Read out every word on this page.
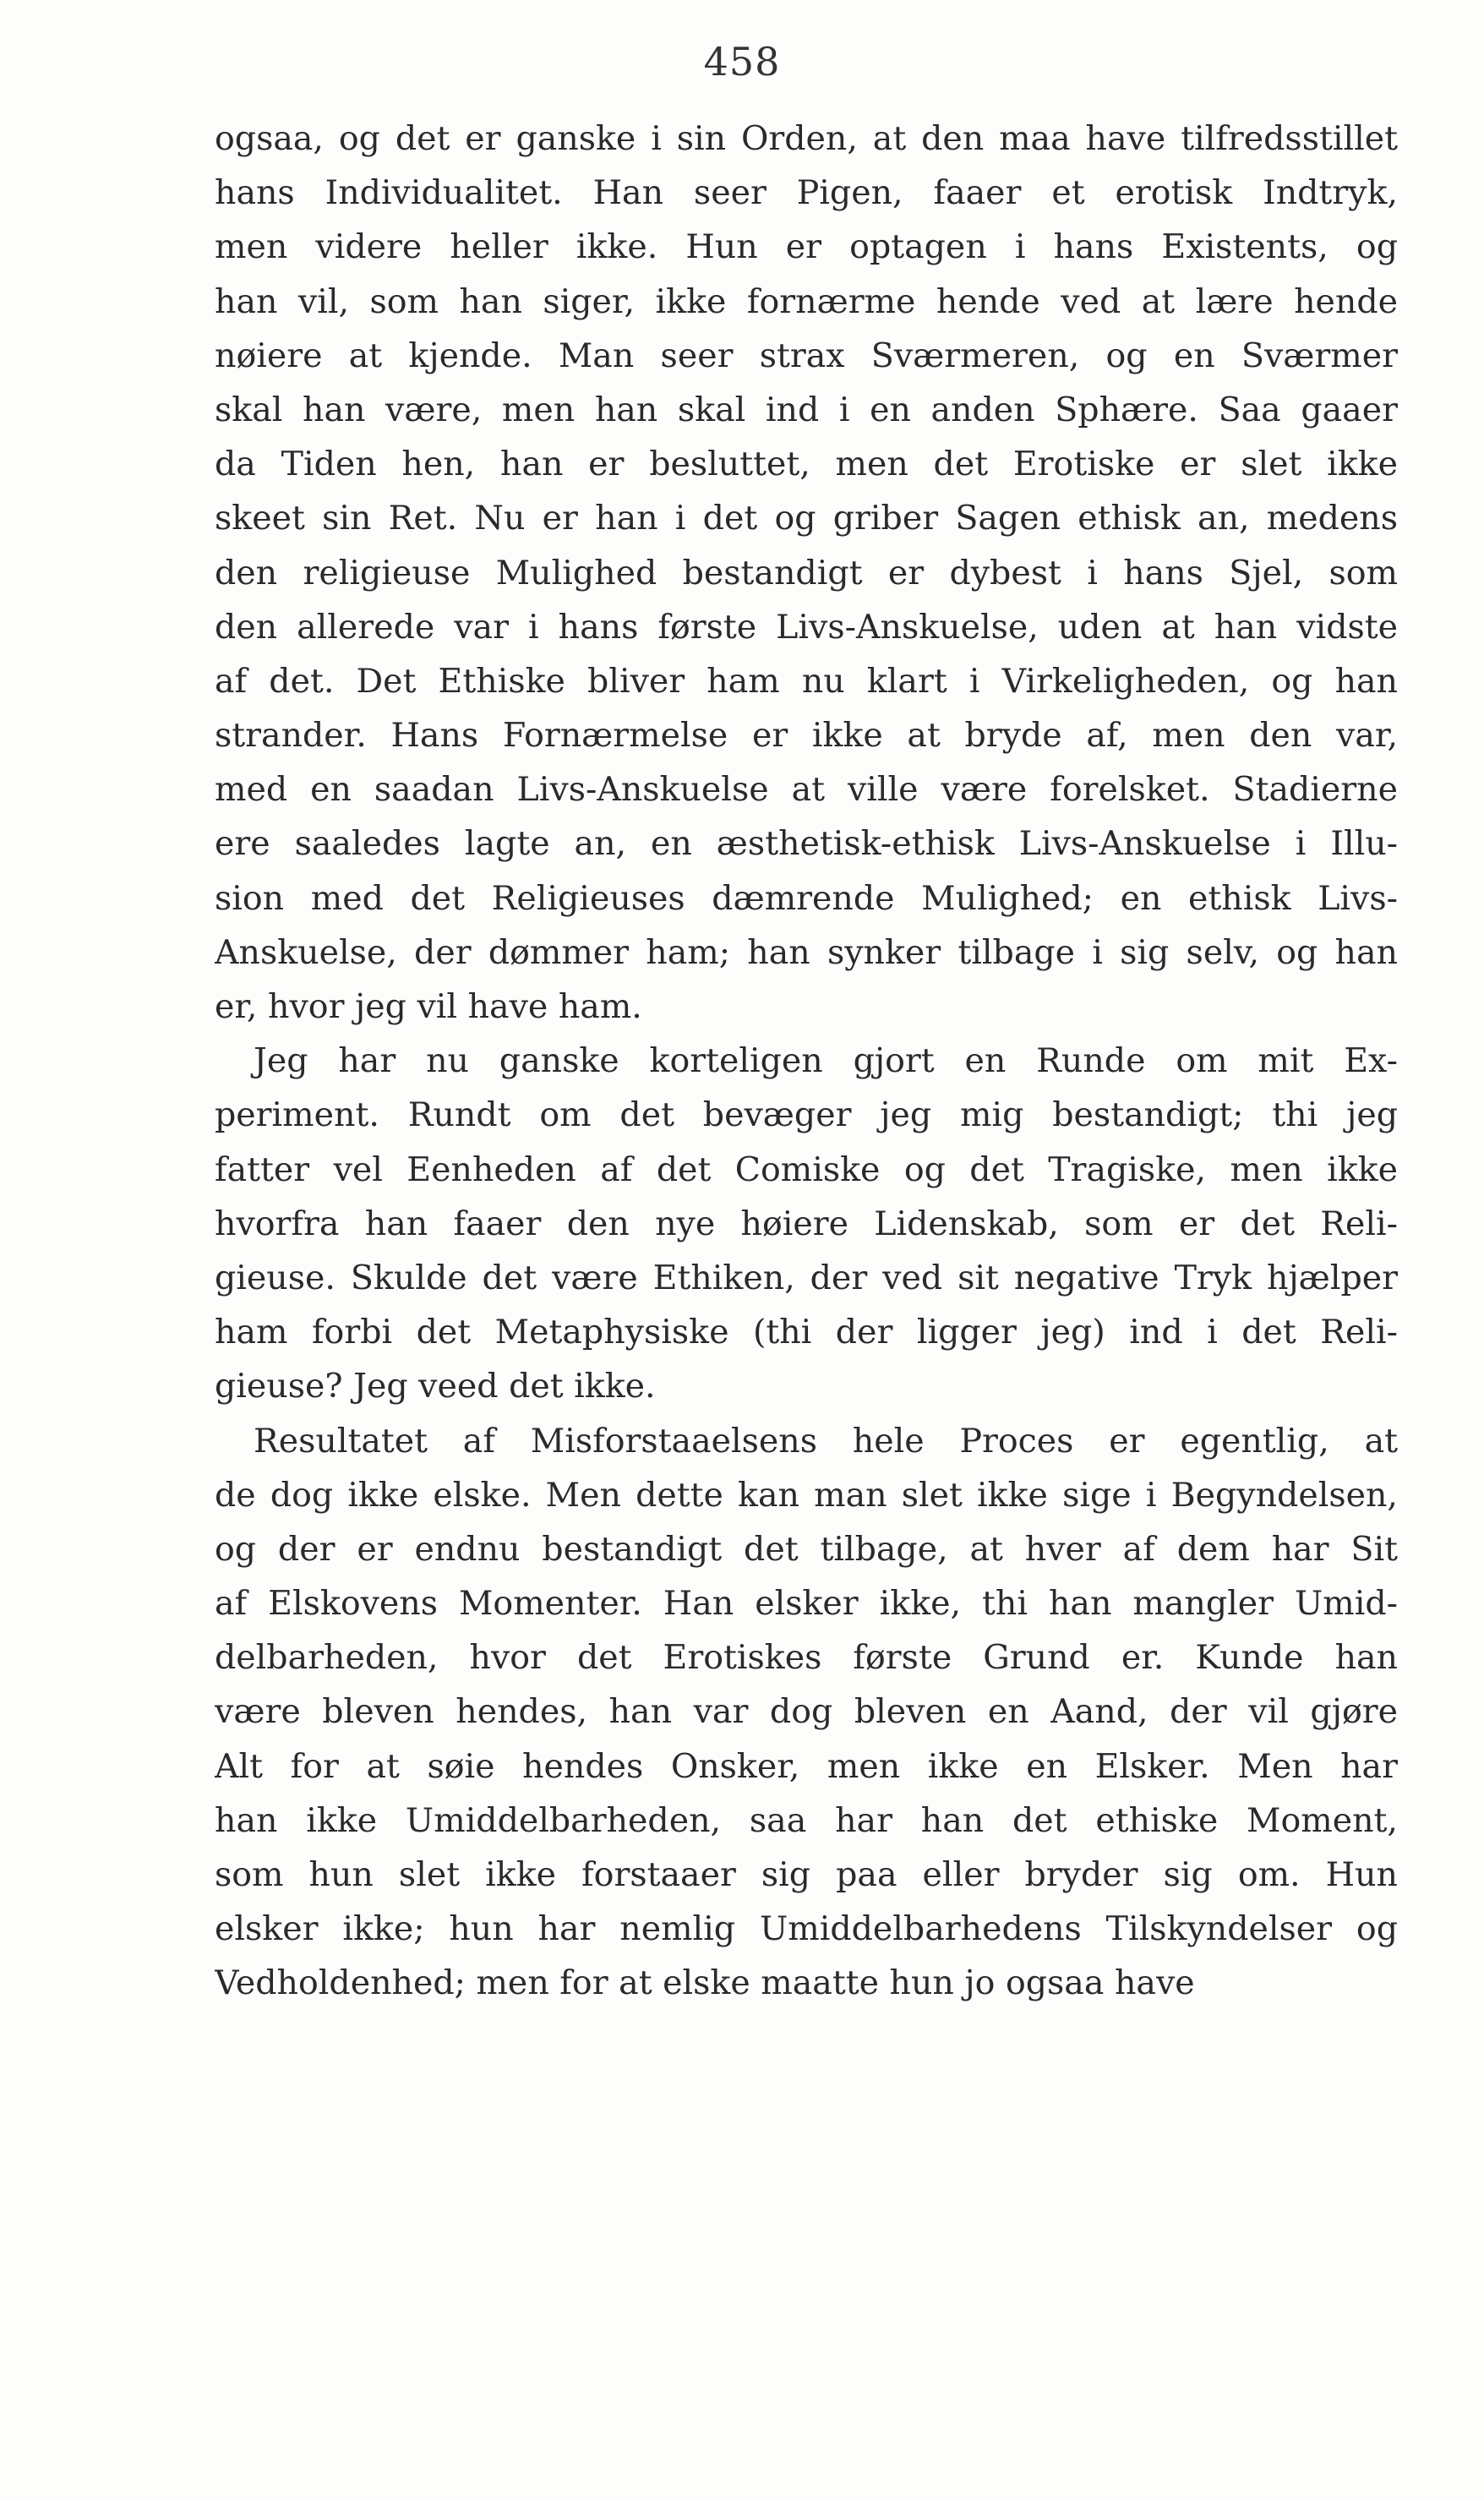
458
ogsaa, og det er ganske i sin Orden, at den maa have tilfredsstillet
hans Individualitet. Han seer Pigen, faaer et erotisk Indtryk,
men videre heller ikke. Hun er optagen i hans Existents, og
han vil, som han siger, ikke fornærme hende ved at lære hende
nøiere at kjende. Man seer strax Sværmeren, og en Sværmer
skal han være, men han skal ind i en anden Sphære. Saa gaaer
da Tiden hen, han er besluttet, men det Erotiske er slet ikke
skeet sin Ret. Nu er han i det og griber Sagen ethisk an, medens
den religieuse Mulighed bestandigt er dybest i hans Sjel, som
den allerede var i hans første Livs-Anskuelse, uden at han vidste
af det. Det Ethiske bliver ham nu klart i Virkeligheden, og han
strander. Hans Fornærmelse er ikke at bryde af, men den var,
med en saadan Livs-Anskuelse at ville være forelsket. Stadierne
ere saaledes lagte an, en æsthetisk-ethisk Livs-Anskuelse i Illu-
sion med det Religieuses dæmrende Mulighed; en ethisk Livs-
Anskuelse, der dømmer ham; han synker tilbage i sig selv, og han
er, hvor jeg vil have ham.
Jeg har nu ganske korteligen gjort en Runde om mit Ex-
periment. Rundt om det bevæger jeg mig bestandigt; thi jeg
fatter vel Eenheden af det Comiske og det Tragiske, men ikke
hvorfra han faaer den nye høiere Lidenskab, som er det Reli-
gieuse. Skulde det være Ethiken, der ved sit negative Tryk hjælper
ham forbi det Metaphysiske (thi der ligger jeg) ind i det Reli-
gieuse? Jeg veed det ikke.
Resultatet af Misforstaaelsens hele Proces er egentlig, at
de dog ikke elske. Men dette kan man slet ikke sige i Begyndelsen,
og der er endnu bestandigt det tilbage, at hver af dem har Sit
af Elskovens Momenter. Han elsker ikke, thi han mangler Umid-
delbarheden, hvor det Erotiskes første Grund er. Kunde han
være bleven hendes, han var dog bleven en Aand, der vil gjøre
Alt for at søie hendes Onsker, men ikke en Elsker. Men har
han ikke Umiddelbarheden, saa har han det ethiske Moment,
som hun slet ikke forstaaer sig paa eller bryder sig om. Hun
elsker ikke; hun har nemlig Umiddelbarhedens Tilskyndelser og
Vedholdenhed; men for at elske maatte hun jo ogsaa have
